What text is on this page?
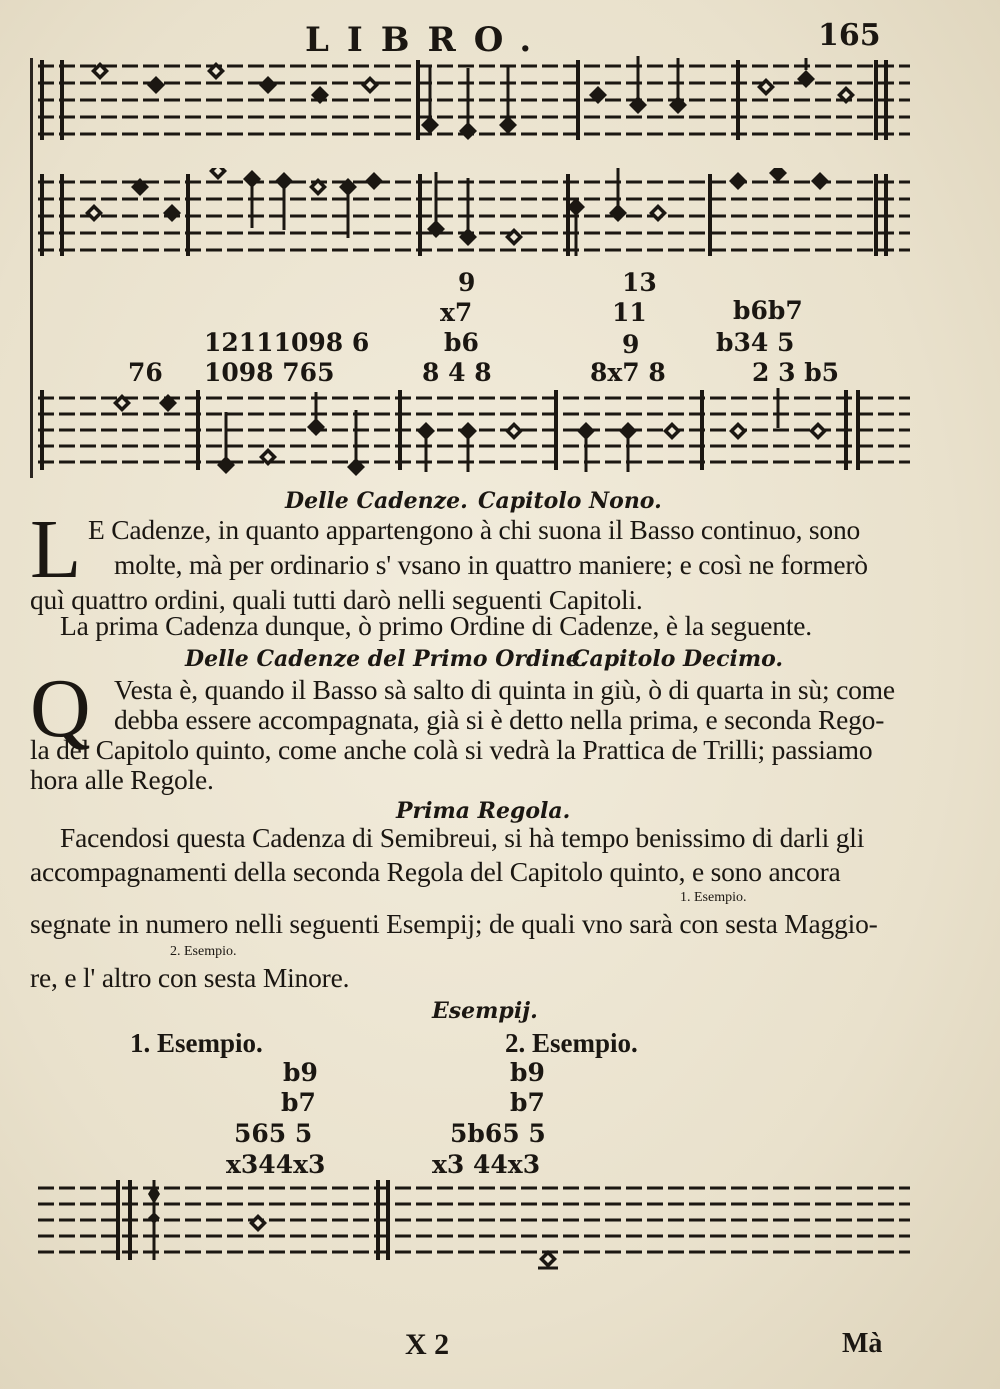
LIBRO.	165
9	13
x7	11	b6b7
12111098 6	b6	9	b34 5
76 1098 765	8 4 8	8x7 8	2 3 b5
Delle Cadenze. Capitolo Nono.
L E Cadenze, in quanto appartengono à chi suona il Basso continuo, sono
molte, mà per ordinario s' vsano in quattro maniere; e così ne formerò
quì quattro ordini, quali tutti darò nelli seguenti Capitoli.
La prima Cadenza dunque, ò primo Ordine di Cadenze, è la seguente.
Delle Cadenze del Primo Ordine.
Capitolo Decimo.
Q Vesta è, quando il Basso sà salto di quinta in giù, ò di quarta in sù; come
debba essere accompagnata, già si è detto nella prima, e seconda Rego-
la del Capitolo quinto, come anche colà si vedrà la Prattica de Trilli; passiamo
hora alle Regole.
Prima Regola.
Facendosi questa Cadenza di Semibreui, si hà tempo benissimo di darli gli
accompagnamenti della seconda Regola del Capitolo quinto, e sono ancora
1. Esempio.
segnate in numero nelli seguenti Esempij; de quali vno sarà con sesta Maggio-
2. Esempio.
re, e l' altro con sesta Minore.
Esempij.
1. Esempio.	2. Esempio.
b9
b7
565 5
x344x3
b9
b7
5b65 5
x3 44x3
X 2	Mà
